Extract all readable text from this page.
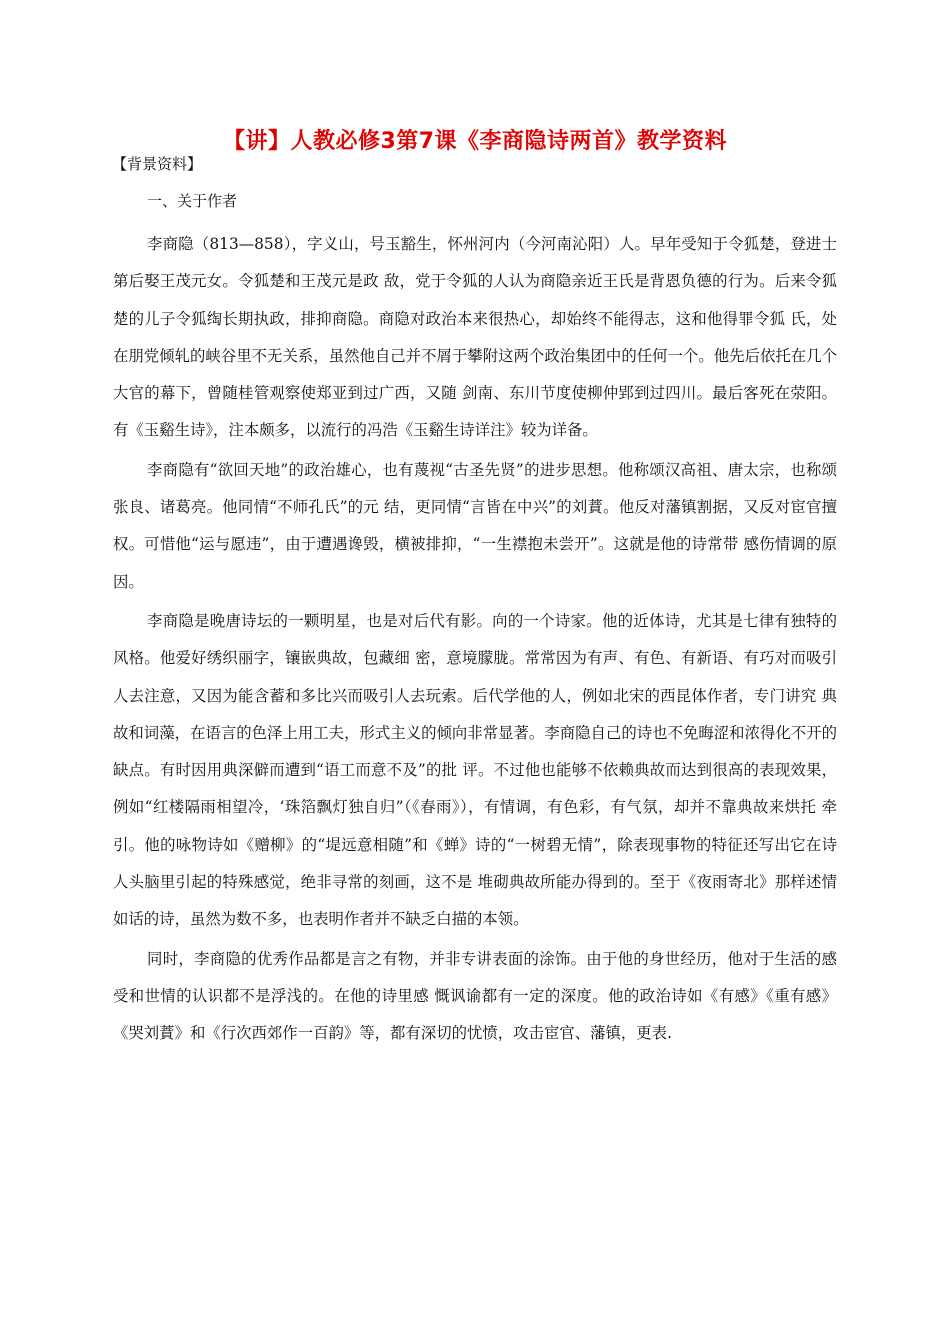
【讲】人教必修3第7课《李商隐诗两首》教学资料
【背景资料】
一、关于作者

李商隐（813—858），字义山，号玉豁生，怀州河内（今河南沁阳）人。早年受知于令狐楚，登进士第后娶王茂元女。令狐楚和王茂元是政 敌，党于令狐的人认为商隐亲近王氏是背恩负德的行为。后来令狐楚的儿子令狐绹长期执政，排抑商隐。商隐对政治本来很热心，却始终不能得志，这和他得罪令狐 氏，处在朋党倾轧的峡谷里不无关系，虽然他自己并不屑于攀附这两个政治集团中的任何一个。他先后依托在几个大官的幕下，曾随桂管观察使郑亚到过广西，又随 剑南、东川节度使柳仲郢到过四川。最后客死在荥阳。有《玉谿生诗》，注本颇多，以流行的冯浩《玉谿生诗详注》较为详备。

李商隐有“欲回天地”的政治雄心，也有蔑视“古圣先贤”的进步思想。他称颂汉高祖、唐太宗，也称颂张良、诸葛亮。他同情“不师孔氏”的元 结，更同情“言皆在中兴”的刘蕡。他反对藩镇割据，又反对宦官擅权。可惜他“运与愿违”，由于遭遇谗毁，横被排抑，“一生襟抱未尝开”。这就是他的诗常带 感伤情调的原因。

李商隐是晚唐诗坛的一颗明星，也是对后代有影。向的一个诗家。他的近体诗，尤其是七律有独特的风格。他爱好绣织丽字，镶嵌典故，包藏细 密，意境朦胧。常常因为有声、有色、有新语、有巧对而吸引人去注意，又因为能含蓄和多比兴而吸引人去玩索。后代学他的人，例如北宋的西昆体作者，专门讲究 典故和词藻，在语言的色泽上用工夫，形式主义的倾向非常显著。李商隐自己的诗也不免晦涩和浓得化不开的缺点。有时因用典深僻而遭到“语工而意不及”的批 评。不过他也能够不依赖典故而达到很高的表现效果，例如“红楼隔雨相望冷，‘珠箔飘灯独自归”（《春雨》），有情调，有色彩，有气氛，却并不靠典故来烘托 牵引。他的咏物诗如《赠柳》的“堤远意相随”和《蝉》诗的“一树碧无情”，除表现事物的特征还写出它在诗人头脑里引起的特殊感觉，绝非寻常的刻画，这不是 堆砌典故所能办得到的。至于《夜雨寄北》那样述情如话的诗，虽然为数不多，也表明作者并不缺乏白描的本领。

同时，李商隐的优秀作品都是言之有物，并非专讲表面的涂饰。由于他的身世经历，他对于生活的感受和世情的认识都不是浮浅的。在他的诗里感 慨讽谕都有一定的深度。他的政治诗如《有感》《重有感》《哭刘蕡》和《行次西郊作一百韵》等，都有深切的忧愤，攻击宦官、藩镇，更表.
